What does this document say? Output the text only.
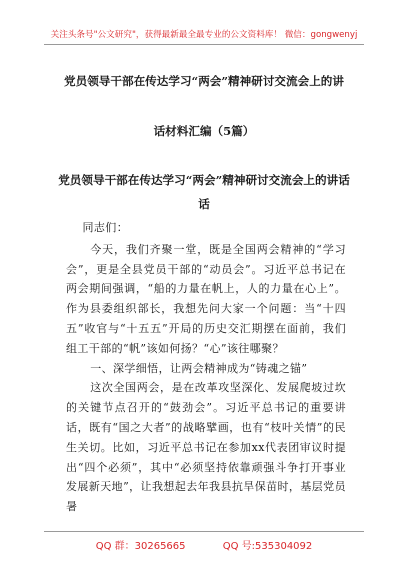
关注头条号"公文研究"，获得最新最全最专业的公文资料库！ 微信：gongwenyj
党员领导干部在传达学习“两会”精神研讨交流会上的讲
话材料汇编（5篇）
党员领导干部在传达学习“两会”精神研讨交流会上的讲话
话

同志们：

今天，我们齐聚一堂，既是全国两会精神的“学习会”，更是全县党员干部的“动员会”。习近平总书记在两会期间强调，“船的力量在帆上，人的力量在心上”。作为县委组织部长，我想先问大家一个问题：当“十四五”收官与“十五五”开局的历史交汇期摆在面前，我们组工干部的“帆”该如何扬？“心”该往哪聚？

一、深学细悟，让两会精神成为“铸魂之锚”

这次全国两会，是在改革攻坚深化、发展爬坡过坎的关键节点召开的“鼓劲会”。习近平总书记的重要讲话，既有“国之大者”的战略擘画，也有“枝叶关情”的民生关切。比如，习近平总书记在参加xx代表团审议时提出“四个必须”，其中“必须坚持依靠顽强斗争打开事业发展新天地”，让我想起去年我县抗旱保苗时，基层党员暑

QQ 群：30265665	QQ 号:535304092
